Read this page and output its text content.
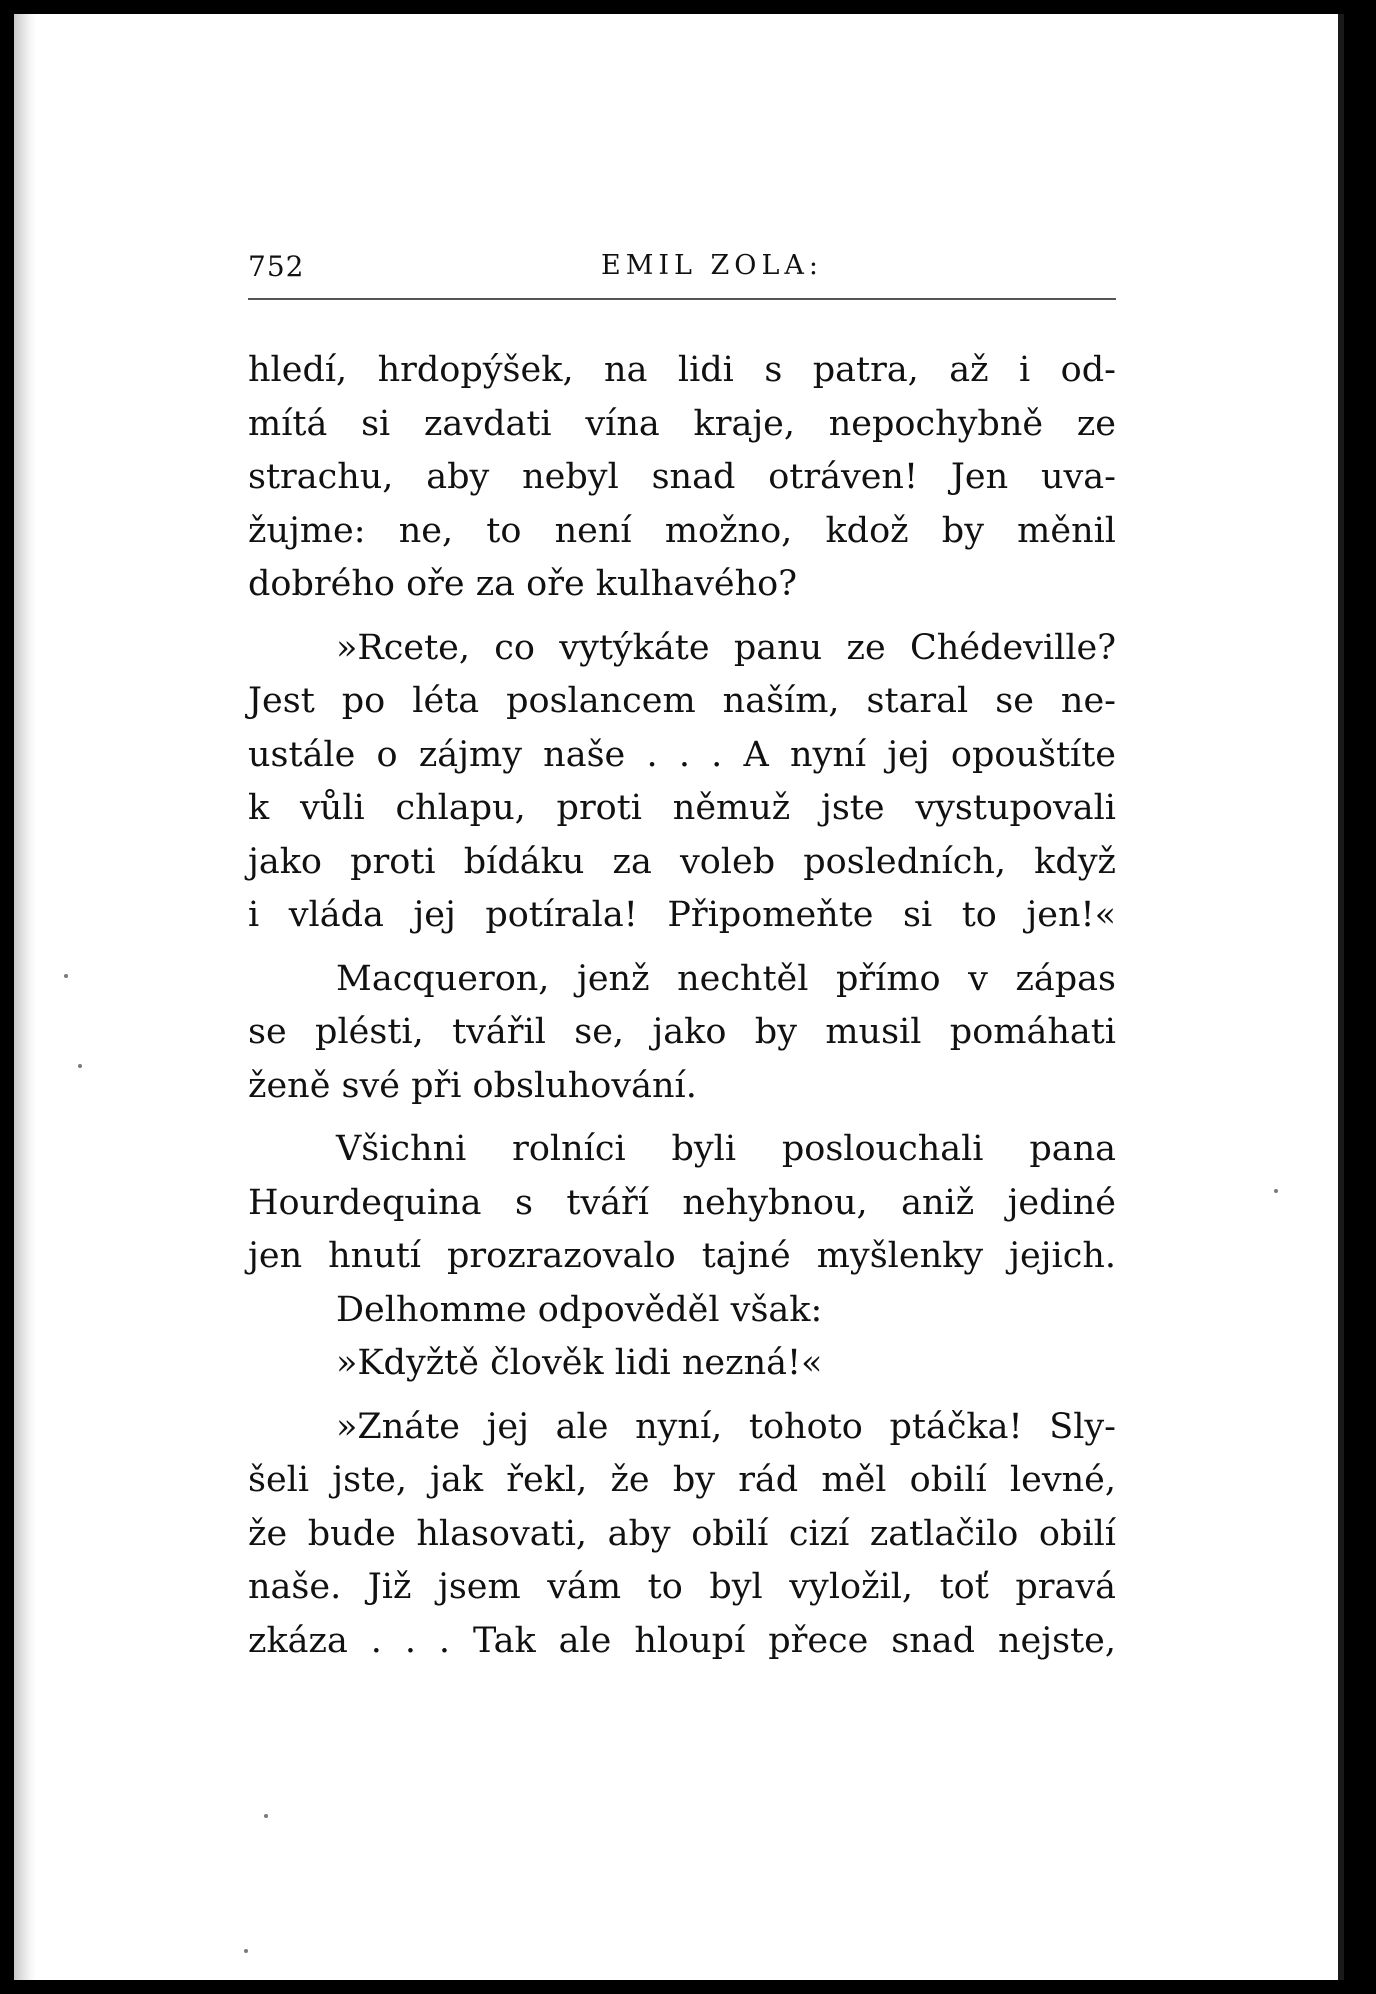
752	EMIL ZOLA:
hledí, hrdopýšek, na lidi s patra, až i od-
mítá si zavdati vína kraje, nepochybně ze
strachu, aby nebyl snad otráven! Jen uva-
žujme: ne, to není možno, kdož by měnil
dobrého oře za oře kulhavého?
»Rcete, co vytýkáte panu ze Chédeville?
Jest po léta poslancem naším, staral se ne-
ustále o zájmy naše . . . A nyní jej opouštíte
k vůli chlapu, proti němuž jste vystupovali
jako proti bídáku za voleb posledních, když
i vláda jej potírala! Připomeňte si to jen!«
Macqueron, jenž nechtěl přímo v zápas
se plésti, tvářil se, jako by musil pomáhati
ženě své při obsluhování.
Všichni rolníci byli poslouchali pana
Hourdequina s tváří nehybnou, aniž jediné
jen hnutí prozrazovalo tajné myšlenky jejich.
Delhomme odpověděl však:
»Kdyžtě člověk lidi nezná!«
»Znáte jej ale nyní, tohoto ptáčka! Sly-
šeli jste, jak řekl, že by rád měl obilí levné,
že bude hlasovati, aby obilí cizí zatlačilo obilí
naše. Již jsem vám to byl vyložil, toť pravá
zkáza . . . Tak ale hloupí přece snad nejste,
